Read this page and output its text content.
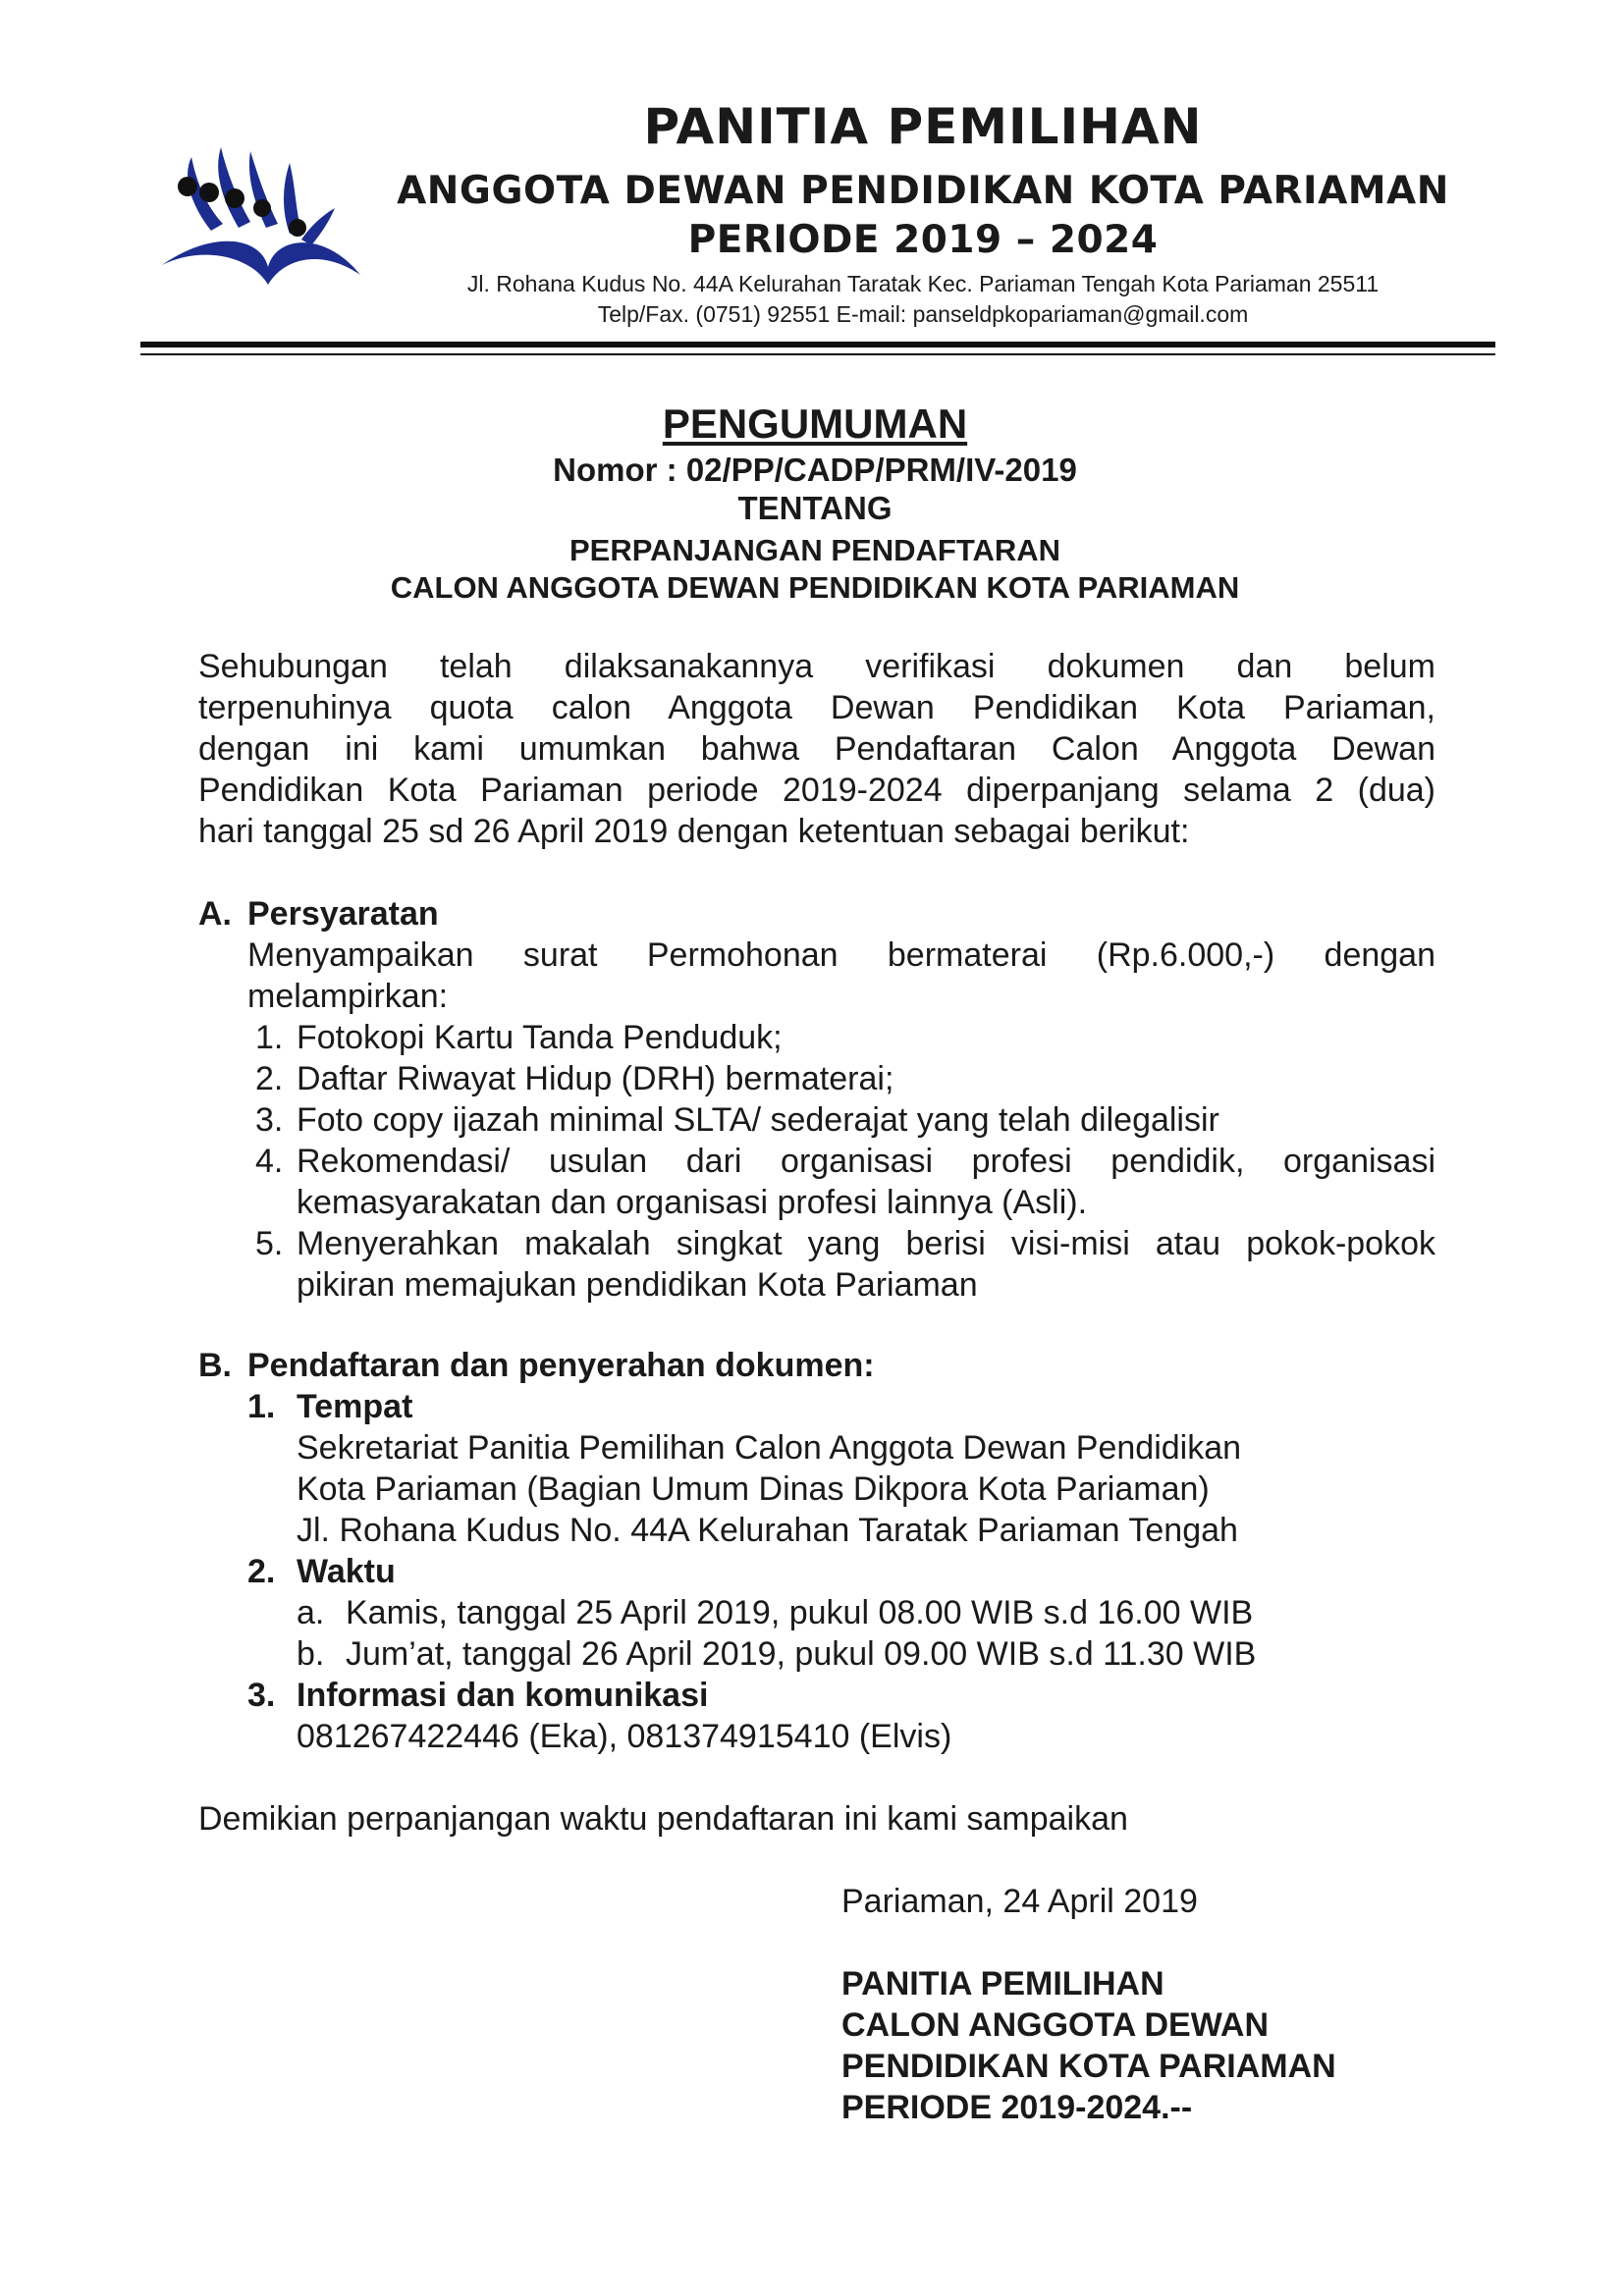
PANITIA PEMILIHAN
ANGGOTA DEWAN PENDIDIKAN KOTA PARIAMAN
PERIODE 2019 – 2024
Jl. Rohana Kudus No. 44A Kelurahan Taratak Kec. Pariaman Tengah Kota Pariaman 25511
Telp/Fax. (0751) 92551 E-mail: panseldpkopariaman@gmail.com
PENGUMUMAN
Nomor : 02/PP/CADP/PRM/IV-2019
TENTANG
PERPANJANGAN PENDAFTARAN
CALON ANGGOTA DEWAN PENDIDIKAN KOTA PARIAMAN
Sehubungan telah dilaksanakannya verifikasi dokumen dan belum
terpenuhinya quota calon Anggota Dewan Pendidikan Kota Pariaman,
dengan ini kami umumkan bahwa Pendaftaran Calon Anggota Dewan
Pendidikan Kota Pariaman periode 2019-2024 diperpanjang selama 2 (dua)
hari tanggal 25 sd 26 April 2019 dengan ketentuan sebagai berikut:
A. Persyaratan
Menyampaikan surat Permohonan bermaterai (Rp.6.000,-) dengan
melampirkan:
1. Fotokopi Kartu Tanda Penduduk;
2. Daftar Riwayat Hidup (DRH) bermaterai;
3. Foto copy ijazah minimal SLTA/ sederajat yang telah dilegalisir
4. Rekomendasi/ usulan dari organisasi profesi pendidik, organisasi
kemasyarakatan dan organisasi profesi lainnya (Asli).
5. Menyerahkan makalah singkat yang berisi visi-misi atau pokok-pokok
pikiran memajukan pendidikan Kota Pariaman
B. Pendaftaran dan penyerahan dokumen:
1. Tempat
Sekretariat Panitia Pemilihan Calon Anggota Dewan Pendidikan
Kota Pariaman (Bagian Umum Dinas Dikpora Kota Pariaman)
Jl. Rohana Kudus No. 44A Kelurahan Taratak Pariaman Tengah
2. Waktu
a. Kamis, tanggal 25 April 2019, pukul 08.00 WIB s.d 16.00 WIB
b. Jum’at, tanggal 26 April 2019, pukul 09.00 WIB s.d 11.30 WIB
3. Informasi dan komunikasi
081267422446 (Eka), 081374915410 (Elvis)
Demikian perpanjangan waktu pendaftaran ini kami sampaikan
Pariaman, 24 April 2019
PANITIA PEMILIHAN
CALON ANGGOTA DEWAN
PENDIDIKAN KOTA PARIAMAN
PERIODE 2019-2024.--
